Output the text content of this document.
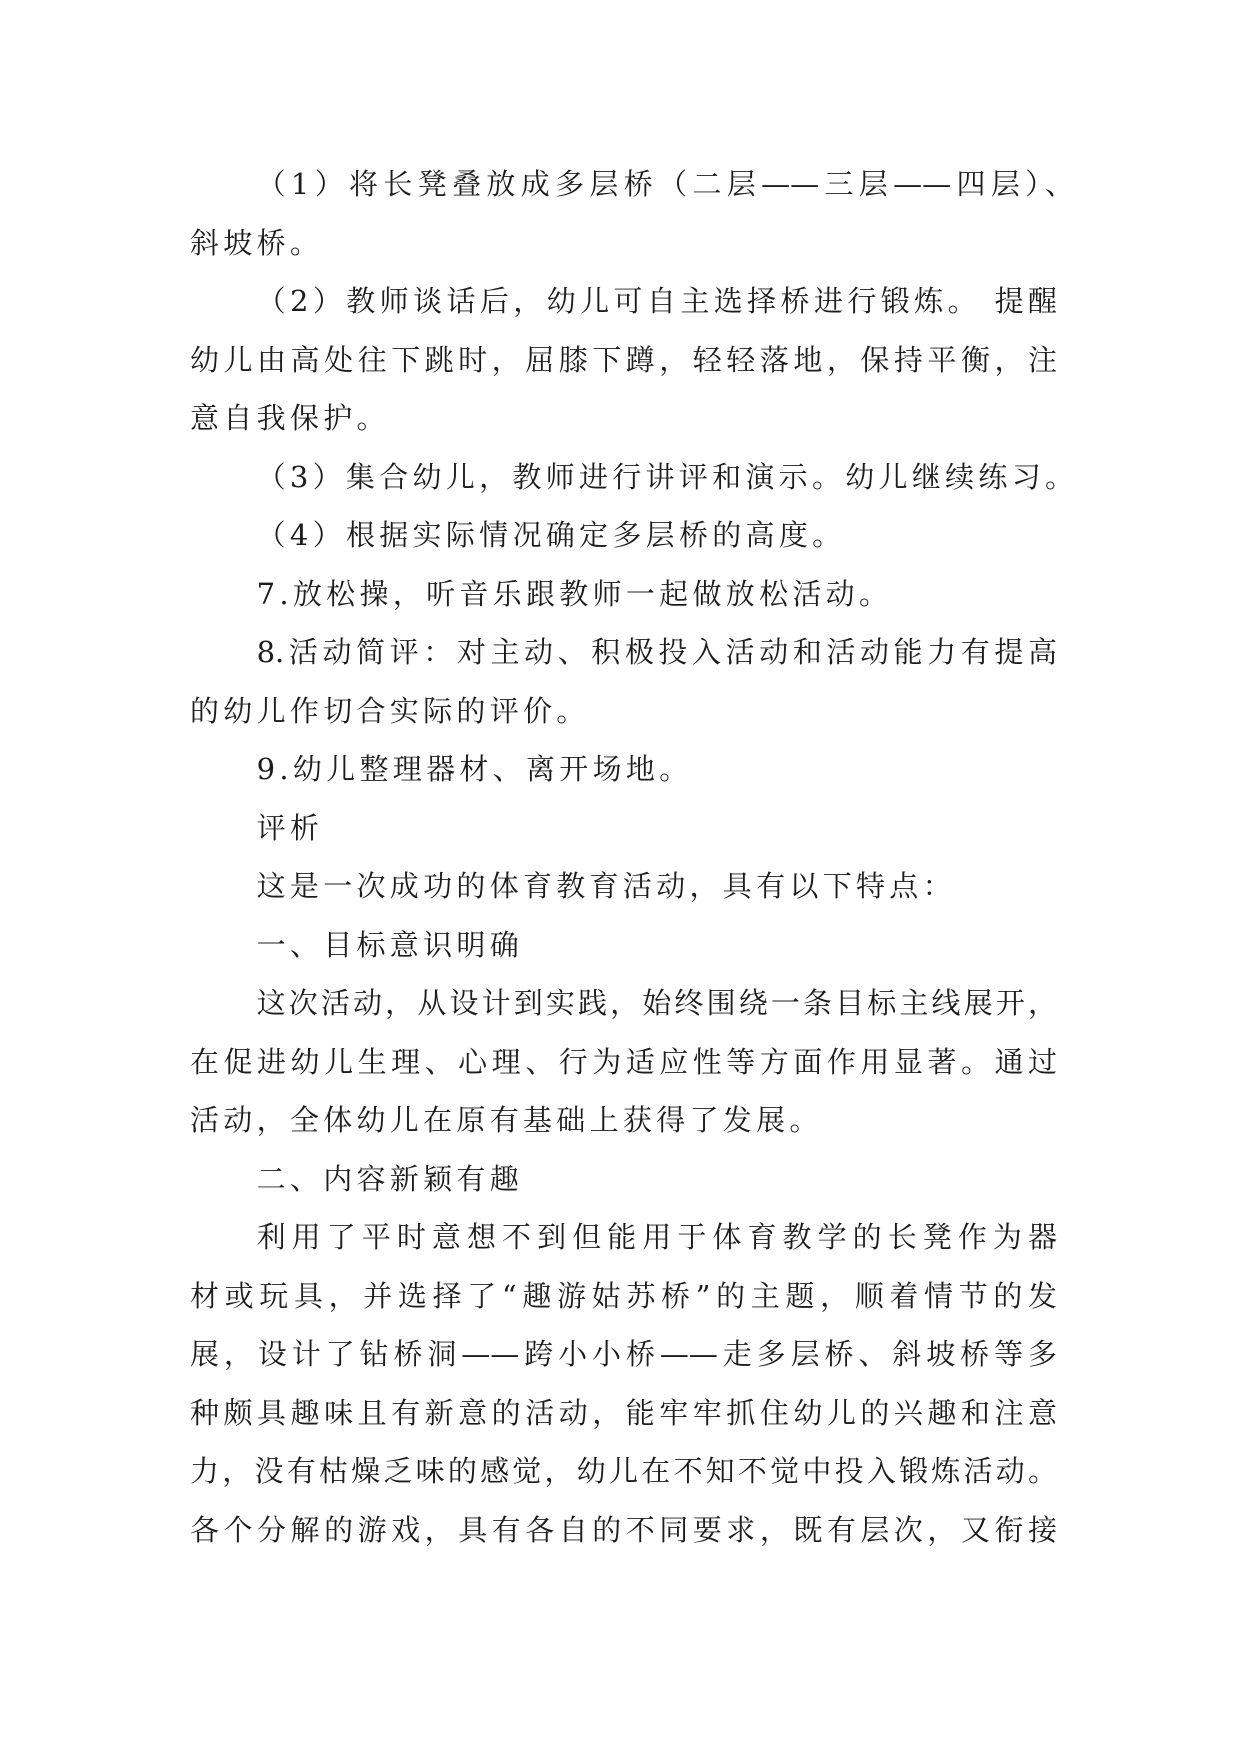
（1）将长凳叠放成多层桥（二层——三层——四层）、
斜坡桥。
（2）教师谈话后，幼儿可自主选择桥进行锻炼。 提醒
幼儿由高处往下跳时，屈膝下蹲，轻轻落地，保持平衡，注
意自我保护。
（3）集合幼儿，教师进行讲评和演示。幼儿继续练习。
（4）根据实际情况确定多层桥的高度。
7.放松操，听音乐跟教师一起做放松活动。
8.活动简评：对主动、积极投入活动和活动能力有提高
的幼儿作切合实际的评价。
9.幼儿整理器材、离开场地。
评析
这是一次成功的体育教育活动，具有以下特点：
一、目标意识明确
这次活动，从设计到实践，始终围绕一条目标主线展开，
在促进幼儿生理、心理、行为适应性等方面作用显著。通过
活动，全体幼儿在原有基础上获得了发展。
二、内容新颖有趣
利用了平时意想不到但能用于体育教学的长凳作为器
材或玩具，并选择了“趣游姑苏桥”的主题，顺着情节的发
展，设计了钻桥洞——跨小小桥——走多层桥、斜坡桥等多
种颇具趣味且有新意的活动，能牢牢抓住幼儿的兴趣和注意
力，没有枯燥乏味的感觉，幼儿在不知不觉中投入锻炼活动。
各个分解的游戏，具有各自的不同要求，既有层次，又衔接
